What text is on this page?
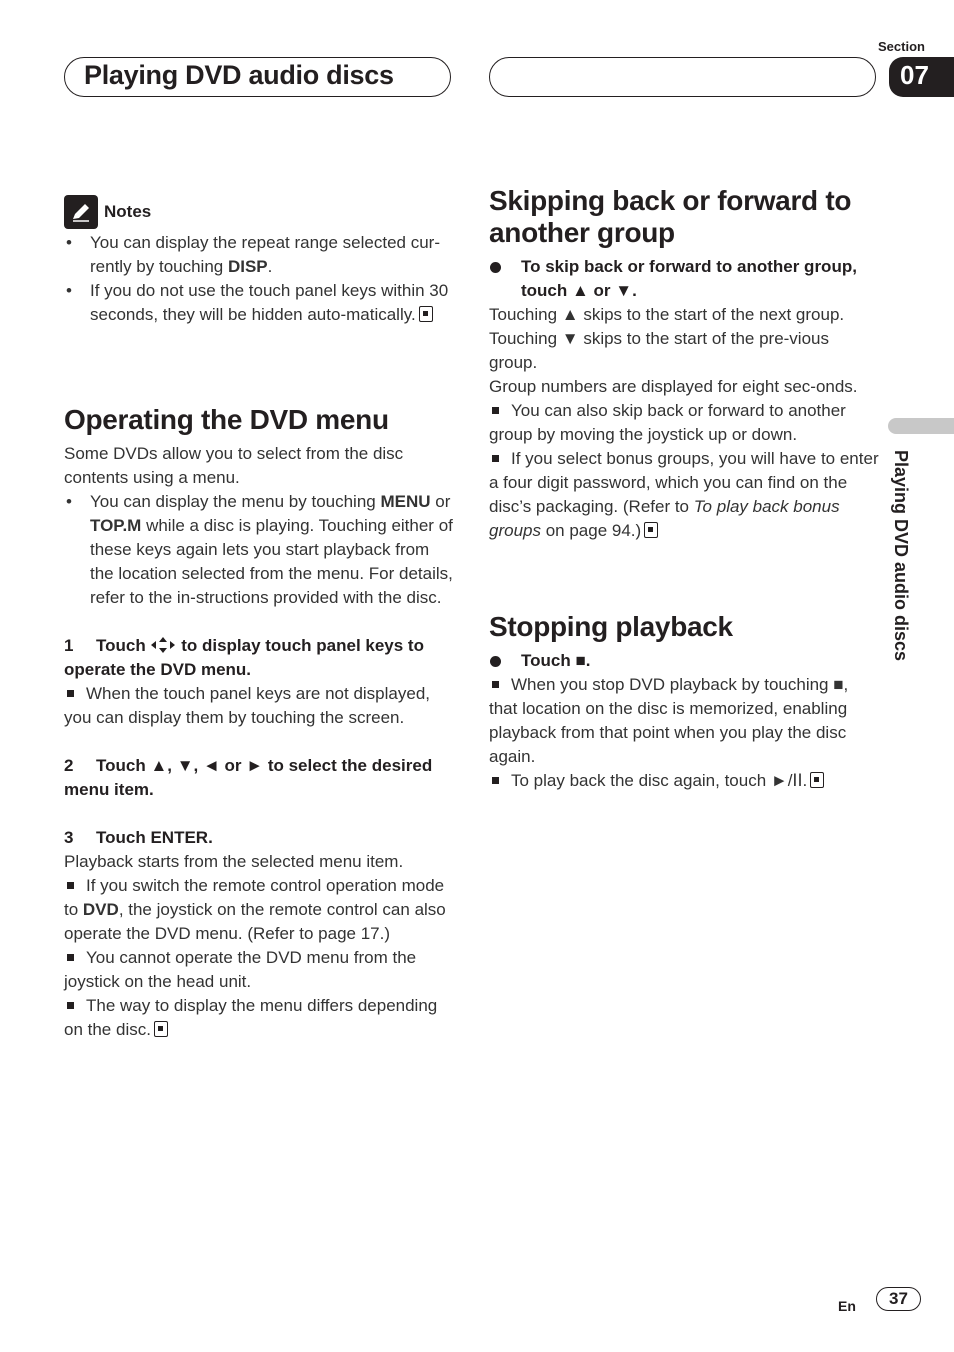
Playing DVD audio discs
Section
07
Playing DVD audio discs
Notes
• You can display the repeat range selected cur-rently by touching DISP.
• If you do not use the touch panel keys within 30 seconds, they will be hidden auto-matically.
Operating the DVD menu

Some DVDs allow you to select from the disc contents using a menu.

• You can display the menu by touching MENU or TOP.M while a disc is playing. Touching either of these keys again lets you start playback from the location selected from the menu. For details, refer to the in-structions provided with the disc.

1 Touch to display touch panel keys to operate the DVD menu.

When the touch panel keys are not displayed, you can display them by touching the screen.

2 Touch ▲, ▼, ◄ or ► to select the desired menu item.

3 Touch ENTER.

Playback starts from the selected menu item.

If you switch the remote control operation mode to DVD, the joystick on the remote control can also operate the DVD menu. (Refer to page 17.)

You cannot operate the DVD menu from the joystick on the head unit.

The way to display the menu differs depending on the disc.

Skipping back or forward to another group

To skip back or forward to another group, touch ▲ or ▼.

Touching ▲ skips to the start of the next group. Touching ▼ skips to the start of the pre-vious group.

Group numbers are displayed for eight sec-onds.

You can also skip back or forward to another group by moving the joystick up or down.

If you select bonus groups, you will have to enter a four digit password, which you can find on the disc’s packaging. (Refer to To play back bonus groups on page 94.)

Stopping playback

Touch ■.

When you stop DVD playback by touching ■, that location on the disc is memorized, enabling playback from that point when you play the disc again.

To play back the disc again, touch ►/ⅠⅠ.

En	37
